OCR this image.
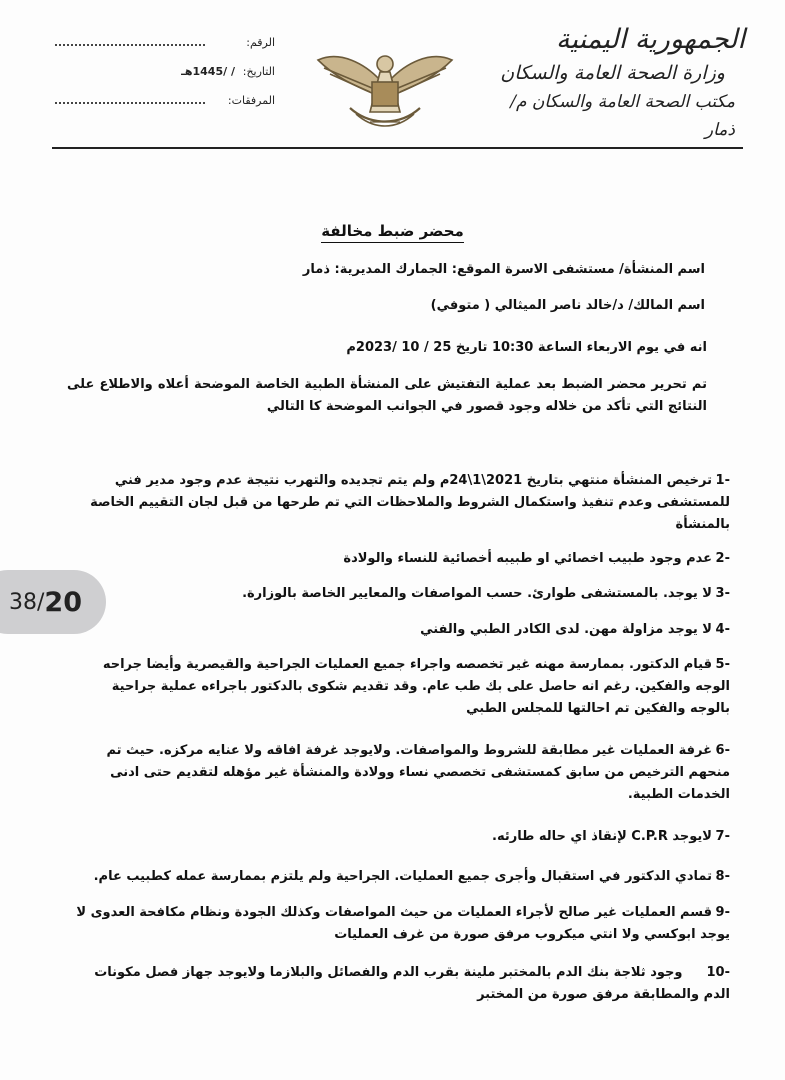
الجمهورية اليمنية
وزارة الصحة العامة والسكان
مكتب الصحة العامة والسكان م/ ذمار
الرقم:
التاريخ:
/ /1445هـ
المرفقات:
محضر ضبط مخالفة
اسم المنشأة/ مستشفى الاسرة الموقع: الجمارك المديرية: ذمار
اسم المالك/ د/خالد ناصر الميثالي ( متوفي)
انه في يوم الاربعاء الساعة 10:30 تاريخ 25 / 10 /2023م
تم تحرير محضر الضبط بعد عملية التفتيش على المنشأة الطبية الخاصة الموضحة أعلاه والاطلاع على النتائج التي تأكد من خلاله وجود قصور في الجوانب الموضحة كا التالي
-1ترخيص المنشأة منتهي بتاريخ 2021\1\24م ولم يتم تجديده والتهرب نتيجة عدم وجود مدير فني للمستشفى وعدم تنفيذ واستكمال الشروط والملاحظات التي تم طرحها من قبل لجان التقييم الخاصة بالمنشأة
-2عدم وجود طبيب اخصائي او طبيبه أخصائية للنساء والولادة
-3لا يوجد. بالمستشفى طوارئ. حسب المواصفات والمعايير الخاصة بالوزارة.
-4لا يوجد مزاولة مهن. لدى الكادر الطبي والفني
-5قيام الدكتور. بممارسة مهنه غير تخصصه واجراء جميع العمليات الجراحية والقيصرية وأيضا جراحه الوجه والفكين. رغم انه حاصل على بك طب عام. وقد تقديم شكوى بالدكتور باجراءه عملية جراحية بالوجه والفكين تم احالتها للمجلس الطبي
-6غرفة العمليات غير مطابقة للشروط والمواصفات. ولايوجد غرفة افاقه ولا عنايه مركزه. حيث تم منحهم الترخيص من سابق كمستشفى تخصصي نساء وولادة والمنشأة غير مؤهله لتقديم حتى ادنى الخدمات الطبية.
-7لايوجد C.P.R لإنقاذ اي حاله طارئه.
-8تمادي الدكتور في استقبال وأجرى جميع العمليات. الجراحية ولم يلتزم بممارسة عمله كطبيب عام.
-9قسم العمليات غير صالح لأجراء العمليات من حيث المواصفات وكذلك الجودة ونظام مكافحة العدوى لا يوجد ابوكسي ولا انتي ميكروب مرفق صورة من غرف العمليات
-10وجود ثلاجة بنك الدم بالمختبر ملينة بقرب الدم والفصائل والبلازما ولايوجد جهاز فصل مكونات الدم والمطابقة مرفق صورة من المختبر
38 / 20
